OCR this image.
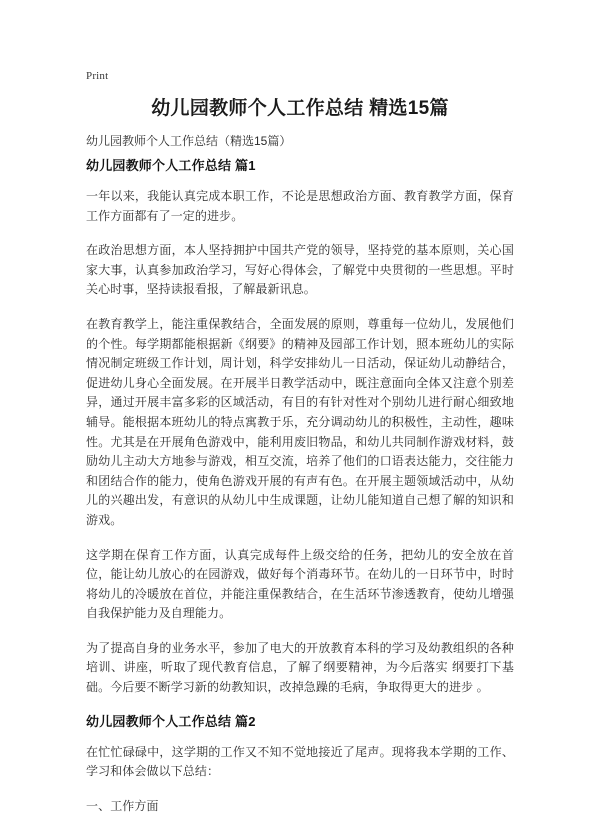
Print
幼儿园教师个人工作总结 精选15篇

幼儿园教师个人工作总结（精选15篇）

幼儿园教师个人工作总结 篇1

一年以来，我能认真完成本职工作，不论是思想政治方面、教育教学方面，保育工作方面都有了一定的进步。

在政治思想方面，本人坚持拥护中国共产党的领导，坚持党的基本原则，关心国家大事，认真参加政治学习，写好心得体会，了解党中央贯彻的一些思想。平时关心时事，坚持读报看报，了解最新讯息。

在教育教学上，能注重保教结合，全面发展的原则，尊重每一位幼儿，发展他们的个性。每学期都能根据新《纲要》的精神及园部工作计划，照本班幼儿的实际情况制定班级工作计划，周计划，科学安排幼儿一日活动，保证幼儿动静结合，促进幼儿身心全面发展。在开展半日教学活动中，既注意面向全体又注意个别差异，通过开展丰富多彩的区域活动，有目的有针对性对个别幼儿进行耐心细致地辅导。能根据本班幼儿的特点寓教于乐，充分调动幼儿的积极性，主动性，趣味性。尤其是在开展角色游戏中，能利用废旧物品，和幼儿共同制作游戏材料，鼓励幼儿主动大方地参与游戏，相互交流，培养了他们的口语表达能力，交往能力和团结合作的能力，使角色游戏开展的有声有色。在开展主题领域活动中，从幼儿的兴趣出发，有意识的从幼儿中生成课题，让幼儿能知道自己想了解的知识和游戏。

这学期在保育工作方面，认真完成每件上级交给的任务，把幼儿的安全放在首位，能让幼儿放心的在园游戏，做好每个消毒环节。在幼儿的一日环节中，时时将幼儿的冷暖放在首位，并能注重保教结合，在生活环节渗透教育，使幼儿增强自我保护能力及自理能力。

为了提高自身的业务水平，参加了电大的开放教育本科的学习及幼教组织的各种培训、讲座，听取了现代教育信息，了解了纲要精神，为今后落实 纲要打下基础。今后要不断学习新的幼教知识，改掉急躁的毛病，争取得更大的进步 。

幼儿园教师个人工作总结 篇2

在忙忙碌碌中，这学期的工作又不知不觉地接近了尾声。现将我本学期的工作、学习和体会做以下总结：

一、工作方面
